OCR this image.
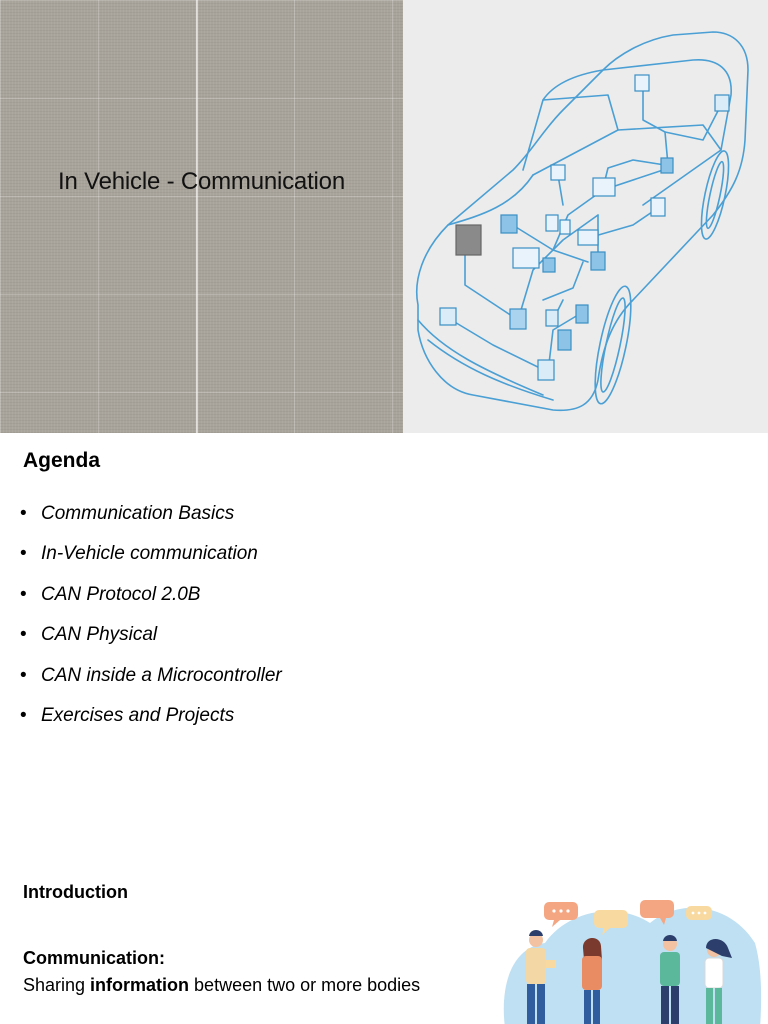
In Vehicle - Communication
Agenda
• Communication Basics
• In-Vehicle communication
• CAN Protocol 2.0B
• CAN Physical
• CAN inside a Microcontroller
• Exercises and Projects
Introduction
Communication:
Sharing information between two or more bodies
